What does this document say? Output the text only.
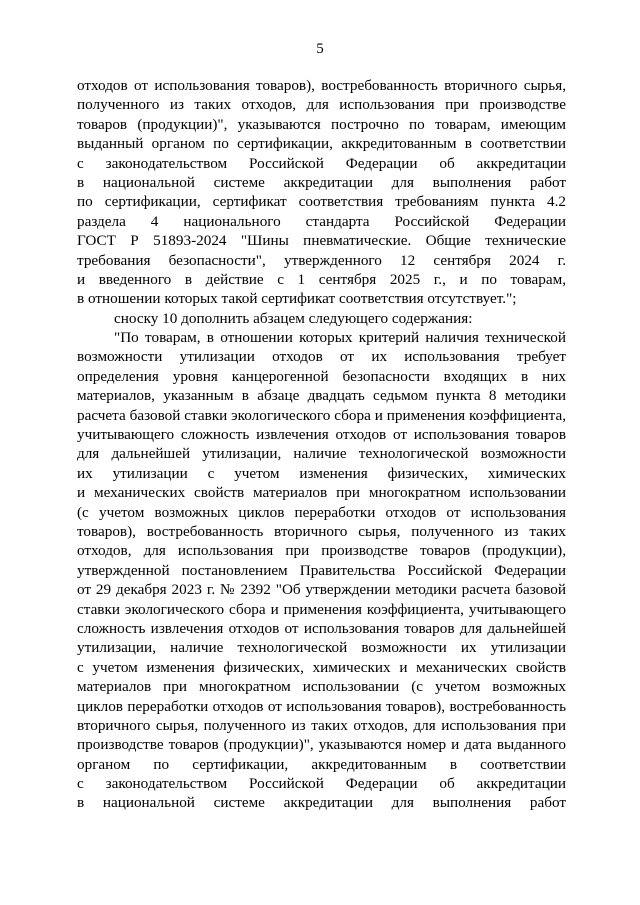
5
отходов от использования товаров), востребованность вторичного сырья,
полученного из таких отходов, для использования при производстве
товаров (продукции)", указываются построчно по товарам, имеющим
выданный органом по сертификации, аккредитованным в соответствии
с законодательством Российской Федерации об аккредитации
в национальной системе аккредитации для выполнения работ
по сертификации, сертификат соответствия требованиям пункта 4.2
раздела 4 национального стандарта Российской Федерации
ГОСТ Р 51893-2024 "Шины пневматические. Общие технические
требования безопасности", утвержденного 12 сентября 2024 г.
и введенного в действие с 1 сентября 2025 г., и по товарам,
в отношении которых такой сертификат соответствия отсутствует.";
сноску 10 дополнить абзацем следующего содержания:
"По товарам, в отношении которых критерий наличия технической
возможности утилизации отходов от их использования требует
определения уровня канцерогенной безопасности входящих в них
материалов, указанным в абзаце двадцать седьмом пункта 8 методики
расчета базовой ставки экологического сбора и применения коэффициента,
учитывающего сложность извлечения отходов от использования товаров
для дальнейшей утилизации, наличие технологической возможности
их утилизации с учетом изменения физических, химических
и механических свойств материалов при многократном использовании
(с учетом возможных циклов переработки отходов от использования
товаров), востребованность вторичного сырья, полученного из таких
отходов, для использования при производстве товаров (продукции),
утвержденной постановлением Правительства Российской Федерации
от 29 декабря 2023 г. № 2392 "Об утверждении методики расчета базовой
ставки экологического сбора и применения коэффициента, учитывающего
сложность извлечения отходов от использования товаров для дальнейшей
утилизации, наличие технологической возможности их утилизации
с учетом изменения физических, химических и механических свойств
материалов при многократном использовании (с учетом возможных
циклов переработки отходов от использования товаров), востребованность
вторичного сырья, полученного из таких отходов, для использования при
производстве товаров (продукции)", указываются номер и дата выданного
органом по сертификации, аккредитованным в соответствии
с законодательством Российской Федерации об аккредитации
в национальной системе аккредитации для выполнения работ
